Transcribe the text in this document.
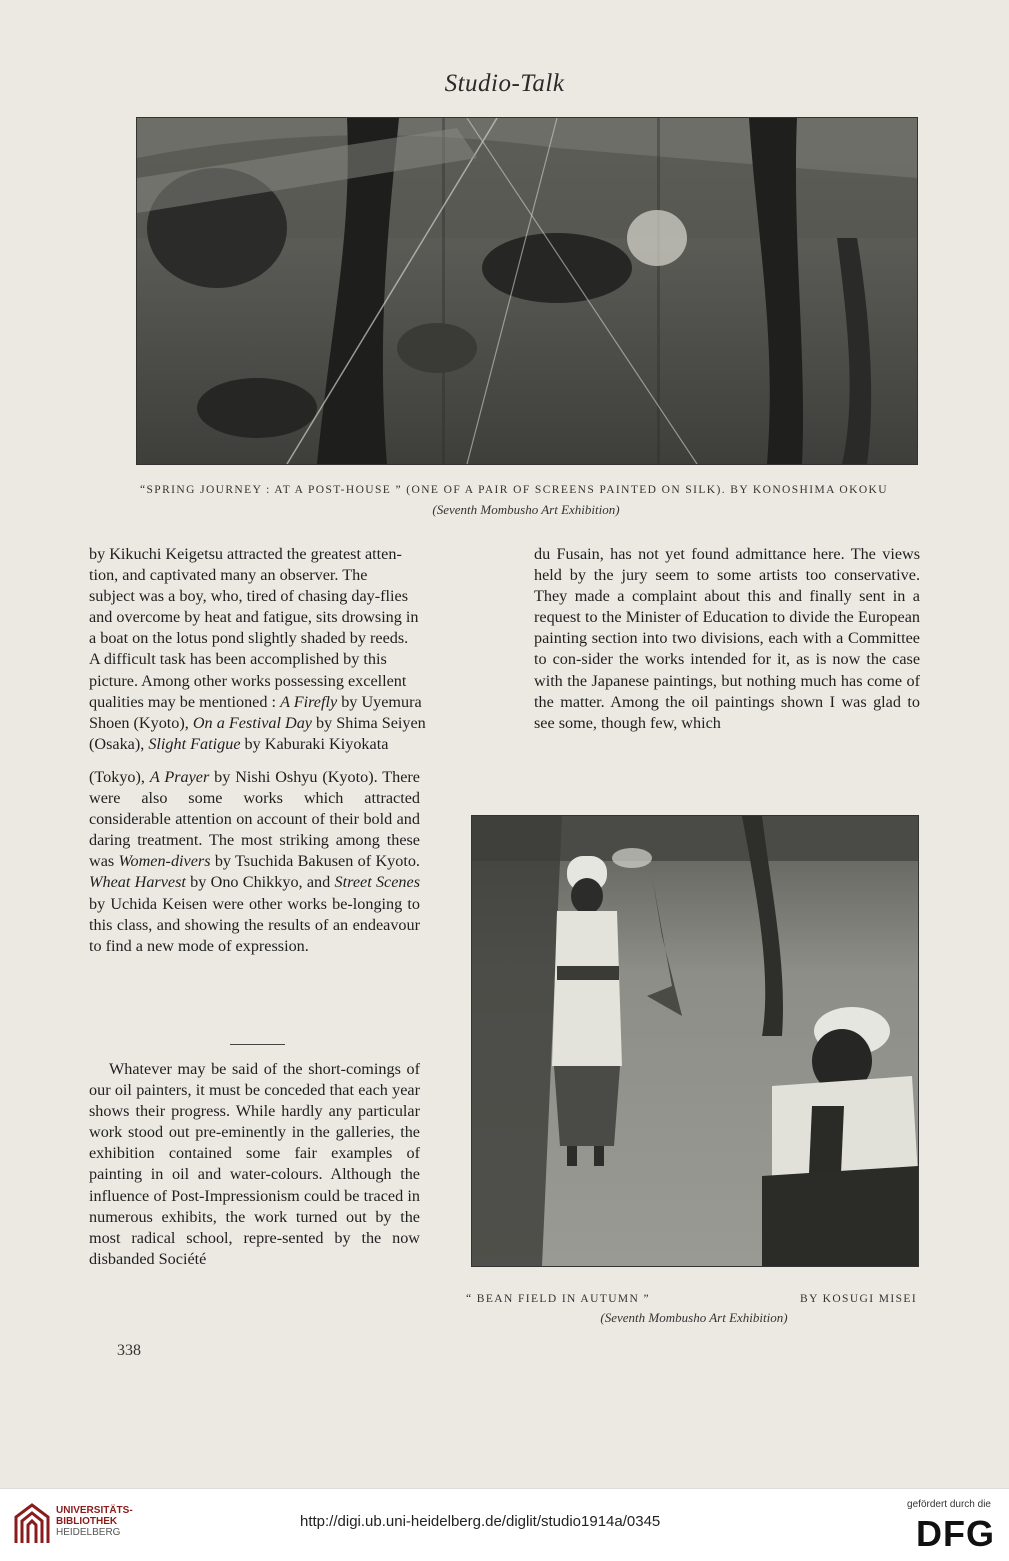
Studio-Talk
“SPRING JOURNEY : AT A POST-HOUSE ” (ONE OF A PAIR OF SCREENS PAINTED ON SILK). BY KONOSHIMA OKOKU
(Seventh Mombusho Art Exhibition)

by Kikuchi Keigetsu attracted the greatest atten-

tion, and captivated many an observer. The

subject was a boy, who, tired of chasing day-flies

and overcome by heat and fatigue, sits drowsing in

a boat on the lotus pond slightly shaded by reeds.

A difficult task has been accomplished by this

picture. Among other works possessing excellent

qualities may be mentioned : A Firefly by Uyemura

Shoen (Kyoto), On a Festival Day by Shima Seiyen

(Osaka), Slight Fatigue by Kaburaki Kiyokata

(Tokyo), A Prayer by Nishi Oshyu (Kyoto). There were also some works which attracted considerable attention on account of their bold and daring treatment. The most striking among these was Women-divers by Tsuchida Bakusen of Kyoto. Wheat Harvest by Ono Chikkyo, and Street Scenes by Uchida Keisen were other works be-longing to this class, and showing the results of an endeavour to find a new mode of expression.

Whatever may be said of the short-comings of our oil painters, it must be conceded that each year shows their progress. While hardly any particular work stood out pre-eminently in the galleries, the exhibition contained some fair examples of painting in oil and water-colours. Although the influence of Post-Impressionism could be traced in numerous exhibits, the work turned out by the most radical school, repre-sented by the now disbanded Société

338

du Fusain, has not yet found admittance here. The views held by the jury seem to some artists too conservative. They made a complaint about this and finally sent in a request to the Minister of Education to divide the European painting section into two divisions, each with a Committee to con-sider the works intended for it, as is now the case with the Japanese paintings, but nothing much has come of the matter. Among the oil paintings shown I was glad to see some, though few, which

“ BEAN FIELD IN AUTUMN ”	BY KOSUGI MISEI
(Seventh Mombusho Art Exhibition)
UNIVERSITÄTS-
BIBLIOTHEK
HEIDELBERG
http://digi.ub.uni-heidelberg.de/diglit/studio1914a/0345
gefördert durch die
DFG
